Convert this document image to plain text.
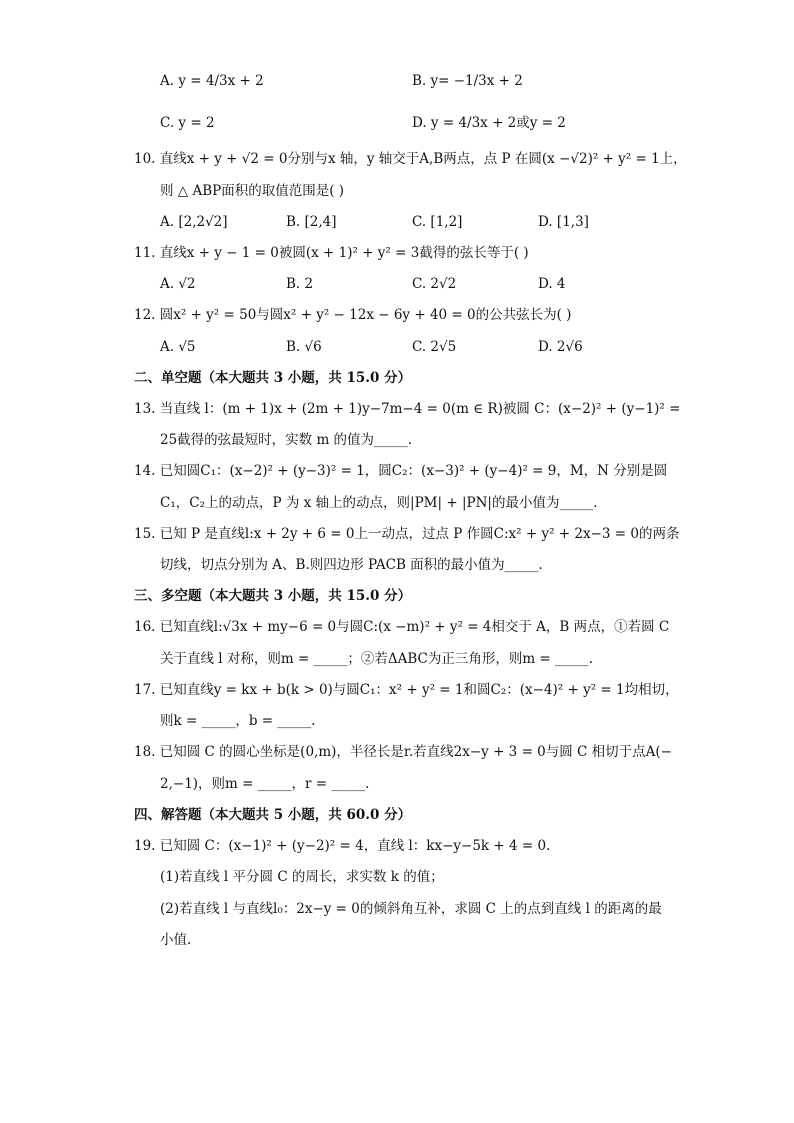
A. y = 4/3x + 2	B. y= −1/3x + 2
C. y = 2	D. y = 4/3x + 2或y = 2
10. 直线x + y + √2 = 0分别与x 轴，y 轴交于A,B两点，点 P 在圆(x −√2)² + y² = 1上，
则 △ ABP面积的取值范围是( )
A. [2,2√2]	B. [2,4]	C. [1,2]	D. [1,3]
11. 直线x + y − 1 = 0被圆(x + 1)² + y² = 3截得的弦长等于( )
A. √2	B. 2	C. 2√2	D. 4
12. 圆x² + y² = 50与圆x² + y² − 12x − 6y + 40 = 0的公共弦长为( )
A. √5	B. √6	C. 2√5	D. 2√6
二、单空题（本大题共 3 小题，共 15.0 分）
13. 当直线 l：(m + 1)x + (2m + 1)y−7m−4 = 0(m ∈ R)被圆 C：(x−2)² + (y−1)² =
25截得的弦最短时，实数 m 的值为_____.
14. 已知圆C₁：(x−2)² + (y−3)² = 1，圆C₂：(x−3)² + (y−4)² = 9，M，N 分别是圆
C₁，C₂上的动点，P 为 x 轴上的动点，则|PM| + |PN|的最小值为_____.
15. 已知 P 是直线l:x + 2y + 6 = 0上一动点，过点 P 作圆C:x² + y² + 2x−3 = 0的两条
切线，切点分别为 A、B.则四边形 PACB 面积的最小值为_____.
三、多空题（本大题共 3 小题，共 15.0 分）
16. 已知直线l:√3x + my−6 = 0与圆C:(x −m)² + y² = 4相交于 A，B 两点，①若圆 C
关于直线 l 对称，则m = _____；②若ΔABC为正三角形，则m = _____.
17. 已知直线y = kx + b(k > 0)与圆C₁：x² + y² = 1和圆C₂：(x−4)² + y² = 1均相切，
则k = _____，b = _____.
18. 已知圆 C 的圆心坐标是(0,m)，半径长是r.若直线2x−y + 3 = 0与圆 C 相切于点A(−
2,−1)，则m = _____，r = _____.
四、解答题（本大题共 5 小题，共 60.0 分）
19. 已知圆 C：(x−1)² + (y−2)² = 4，直线 l：kx−y−5k + 4 = 0.
(1)若直线 l 平分圆 C 的周长，求实数 k 的值；
(2)若直线 l 与直线l₀：2x−y = 0的倾斜角互补，求圆 C 上的点到直线 l 的距离的最
小值.
